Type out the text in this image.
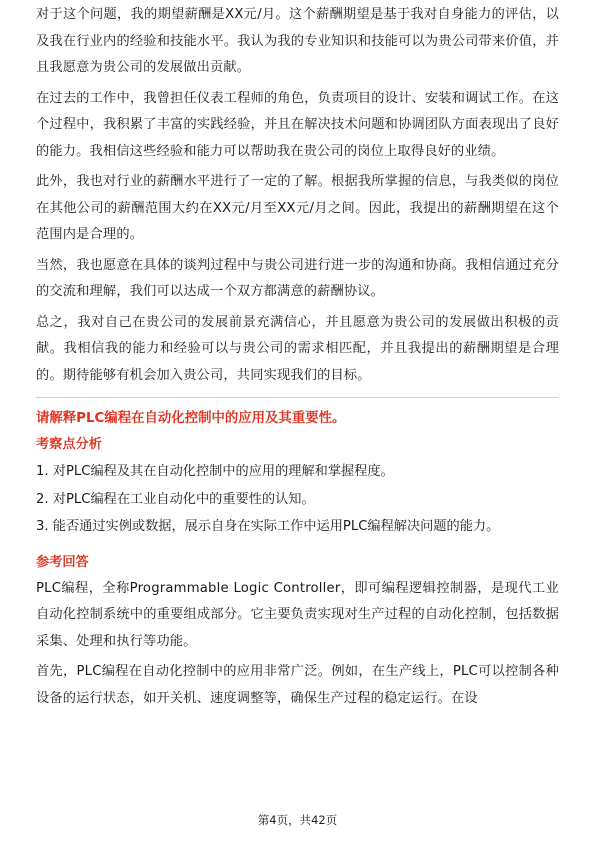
对于这个问题，我的期望薪酬是XX元/月。这个薪酬期望是基于我对自身能力的评估，以及我在行业内的经验和技能水平。我认为我的专业知识和技能可以为贵公司带来价值，并且我愿意为贵公司的发展做出贡献。

在过去的工作中，我曾担任仪表工程师的角色，负责项目的设计、安装和调试工作。在这个过程中，我积累了丰富的实践经验，并且在解决技术问题和协调团队方面表现出了良好的能力。我相信这些经验和能力可以帮助我在贵公司的岗位上取得良好的业绩。

此外，我也对行业的薪酬水平进行了一定的了解。根据我所掌握的信息，与我类似的岗位在其他公司的薪酬范围大约在XX元/月至XX元/月之间。因此，我提出的薪酬期望在这个范围内是合理的。

当然，我也愿意在具体的谈判过程中与贵公司进行进一步的沟通和协商。我相信通过充分的交流和理解，我们可以达成一个双方都满意的薪酬协议。

总之，我对自己在贵公司的发展前景充满信心，并且愿意为贵公司的发展做出积极的贡献。我相信我的能力和经验可以与贵公司的需求相匹配，并且我提出的薪酬期望是合理的。期待能够有机会加入贵公司，共同实现我们的目标。

请解释PLC编程在自动化控制中的应用及其重要性。

考察点分析

1. 对PLC编程及其在自动化控制中的应用的理解和掌握程度。

2. 对PLC编程在工业自动化中的重要性的认知。

3. 能否通过实例或数据，展示自身在实际工作中运用PLC编程解决问题的能力。

参考回答

PLC编程，全称Programmable Logic Controller，即可编程逻辑控制器，是现代工业自动化控制系统中的重要组成部分。它主要负责实现对生产过程的自动化控制，包括数据采集、处理和执行等功能。

首先，PLC编程在自动化控制中的应用非常广泛。例如，在生产线上，PLC可以控制各种设备的运行状态，如开关机、速度调整等，确保生产过程的稳定运行。在设

第4页，共42页
